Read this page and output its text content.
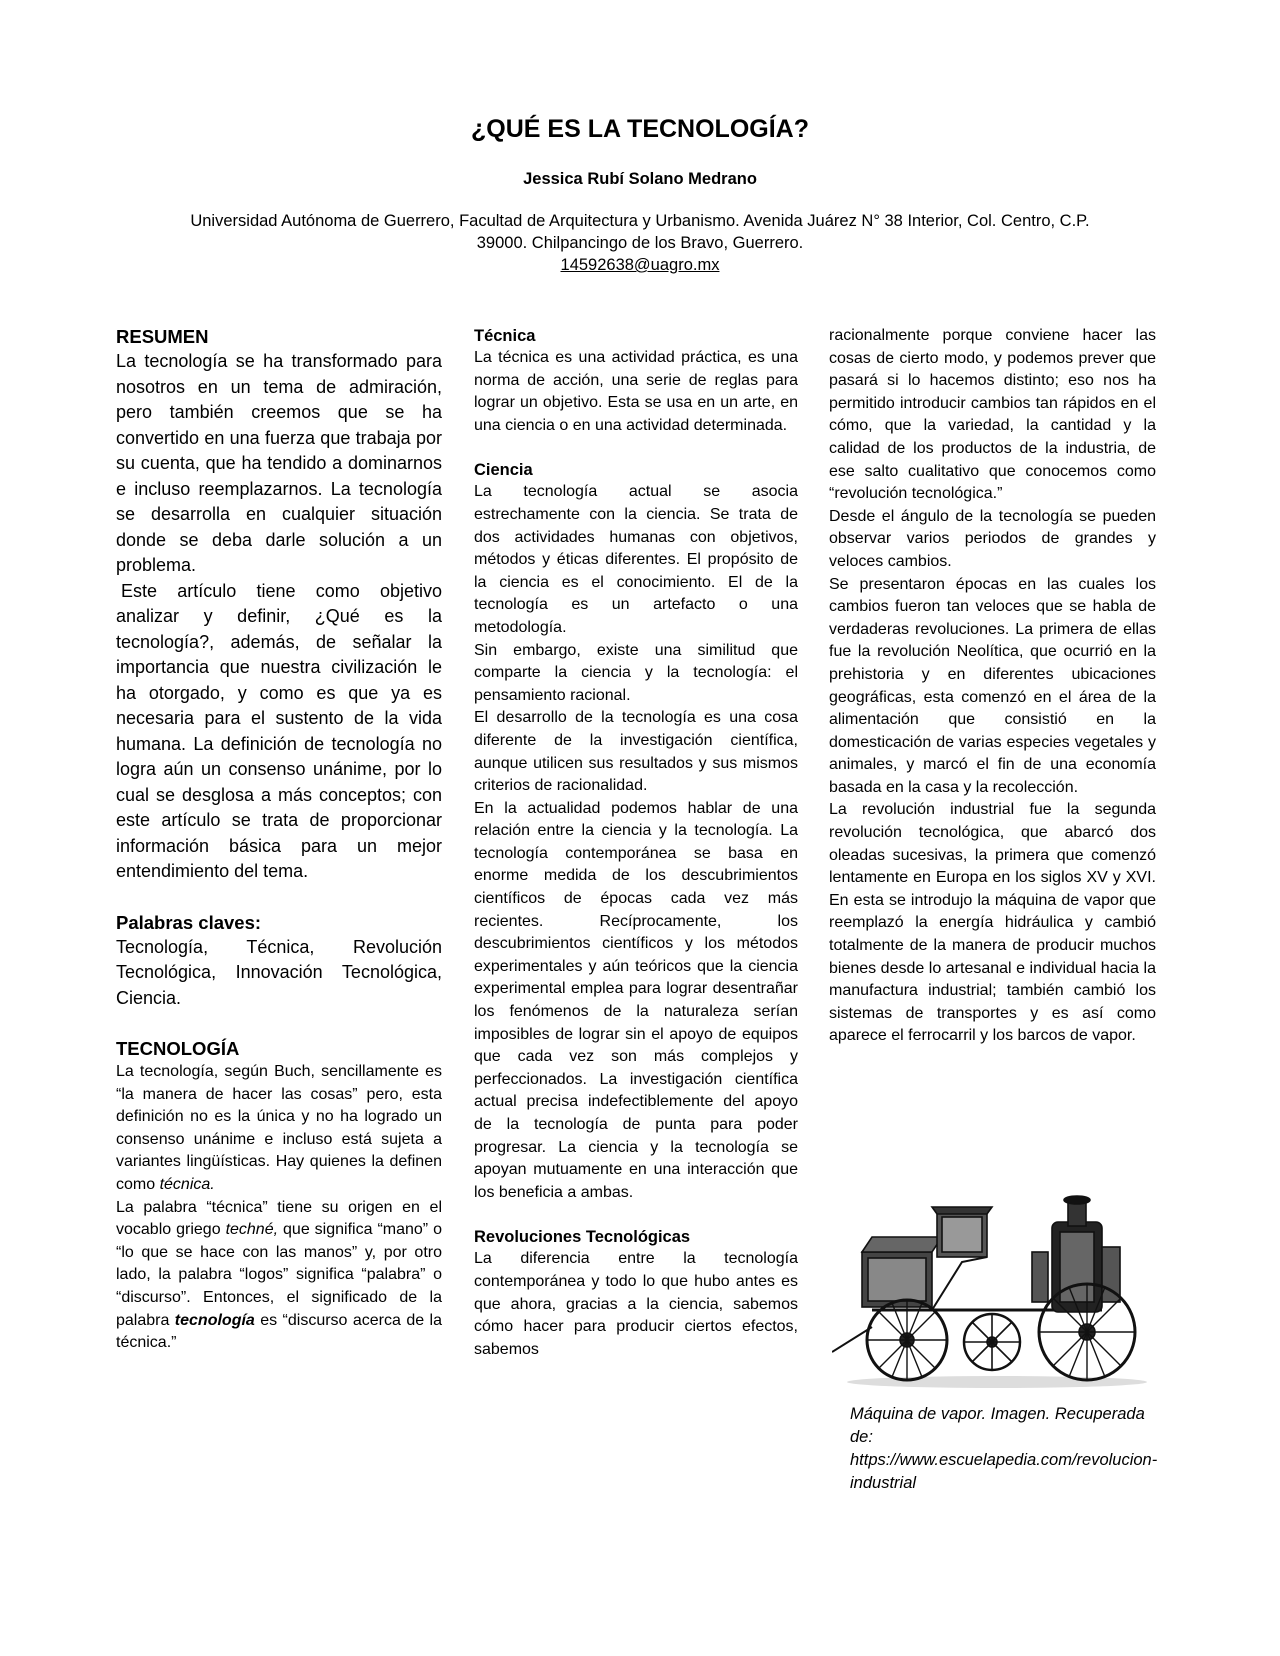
¿QUÉ ES LA TECNOLOGÍA?
Jessica Rubí Solano Medrano
Universidad Autónoma de Guerrero, Facultad de Arquitectura y Urbanismo. Avenida Juárez N° 38 Interior, Col. Centro, C.P.
39000. Chilpancingo de los Bravo, Guerrero.
14592638@uagro.mx
RESUMEN

La tecnología se ha transformado para nosotros en un tema de admiración, pero también creemos que se ha convertido en una fuerza que trabaja por su cuenta, que ha tendido a dominarnos e incluso reemplazarnos. La tecnología se desarrolla en cualquier situación donde se deba darle solución a un problema.

Este artículo tiene como objetivo analizar y definir, ¿Qué es la tecnología?, además, de señalar la importancia que nuestra civilización le ha otorgado, y como es que ya es necesaria para el sustento de la vida humana. La definición de tecnología no logra aún un consenso unánime, por lo cual se desglosa a más conceptos; con este artículo se trata de proporcionar información básica para un mejor entendimiento del tema.

Palabras claves:

Tecnología, Técnica, Revolución Tecnológica, Innovación Tecnológica, Ciencia.

TECNOLOGÍA

La tecnología, según Buch, sencillamente es “la manera de hacer las cosas” pero, esta definición no es la única y no ha logrado un consenso unánime e incluso está sujeta a variantes lingüísticas. Hay quienes la definen como técnica.

La palabra “técnica” tiene su origen en el vocablo griego techné, que significa “mano” o “lo que se hace con las manos” y, por otro lado, la palabra “logos” significa “palabra” o “discurso”. Entonces, el significado de la palabra tecnología es “discurso acerca de la técnica.”

Técnica

La técnica es una actividad práctica, es una norma de acción, una serie de reglas para lograr un objetivo. Esta se usa en un arte, en una ciencia o en una actividad determinada.

Ciencia

La tecnología actual se asocia estrechamente con la ciencia. Se trata de dos actividades humanas con objetivos, métodos y éticas diferentes. El propósito de la ciencia es el conocimiento. El de la tecnología es un artefacto o una metodología.

Sin embargo, existe una similitud que comparte la ciencia y la tecnología: el pensamiento racional.

El desarrollo de la tecnología es una cosa diferente de la investigación científica, aunque utilicen sus resultados y sus mismos criterios de racionalidad.

En la actualidad podemos hablar de una relación entre la ciencia y la tecnología. La tecnología contemporánea se basa en enorme medida de los descubrimientos científicos de épocas cada vez más recientes. Recíprocamente, los descubrimientos científicos y los métodos experimentales y aún teóricos que la ciencia experimental emplea para lograr desentrañar los fenómenos de la naturaleza serían imposibles de lograr sin el apoyo de equipos que cada vez son más complejos y perfeccionados. La investigación científica actual precisa indefectiblemente del apoyo de la tecnología de punta para poder progresar. La ciencia y la tecnología se apoyan mutuamente en una interacción que los beneficia a ambas.

Revoluciones Tecnológicas

La diferencia entre la tecnología contemporánea y todo lo que hubo antes es que ahora, gracias a la ciencia, sabemos cómo hacer para producir ciertos efectos, sabemos

racionalmente porque conviene hacer las cosas de cierto modo, y podemos prever que pasará si lo hacemos distinto; eso nos ha permitido introducir cambios tan rápidos en el cómo, que la variedad, la cantidad y la calidad de los productos de la industria, de ese salto cualitativo que conocemos como “revolución tecnológica.”

Desde el ángulo de la tecnología se pueden observar varios periodos de grandes y veloces cambios.

Se presentaron épocas en las cuales los cambios fueron tan veloces que se habla de verdaderas revoluciones. La primera de ellas fue la revolución Neolítica, que ocurrió en la prehistoria y en diferentes ubicaciones geográficas, esta comenzó en el área de la alimentación que consistió en la domesticación de varias especies vegetales y animales, y marcó el fin de una economía basada en la casa y la recolección.

La revolución industrial fue la segunda revolución tecnológica, que abarcó dos oleadas sucesivas, la primera que comenzó lentamente en Europa en los siglos XV y XVI. En esta se introdujo la máquina de vapor que reemplazó la energía hidráulica y cambió totalmente de la manera de producir muchos bienes desde lo artesanal e individual hacia la manufactura industrial; también cambió los sistemas de transportes y es así como aparece el ferrocarril y los barcos de vapor.

Máquina de vapor. Imagen. Recuperada de: https://www.escuelapedia.com/revolucion-industrial
